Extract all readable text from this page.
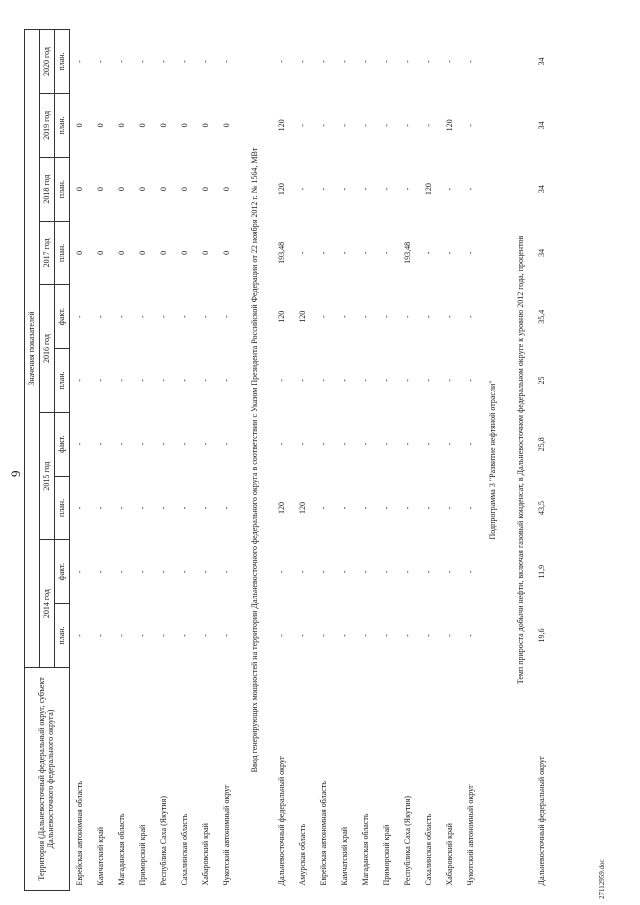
9
Территория (Дальневосточный федеральный округ, субъект Дальневосточного федерального округа)	Значения показателей									
	2014 год		2015 год		2016 год		2017 год	2018 год	2019 год	2020 год
	план.	факт.	план.	факт.	план.	факт.	план.	план.	план.	план.
Еврейская автономная область	-	-	-	-	-	-	0	0	0	-
Камчатский край	-	-	-	-	-	-	0	0	0	-
Магаданская область	-	-	-	-	-	-	0	0	0	-
Приморский край	-	-	-	-	-	-	0	0	0	-
Республика Саха (Якутия)	-	-	-	-	-	-	0	0	0	-
Сахалинская область	-	-	-	-	-	-	0	0	0	-
Хабаровский край	-	-	-	-	-	-	0	0	0	-
Чукотский автономный округ	-	-	-	-	-	-	0	0	0	-
Ввод генерирующих мощностей на территории Дальневосточного федерального округа в соответствии с Указом Президента Российской Федерации от 22 ноября 2012 г. № 1564, МВт										
Дальневосточный федеральный округ	-	-	120	-	-	120	193,48	120	120	-
Амурская область	-	-	120	-	-	120	-	-	-	-
Еврейская автономная область	-	-	-	-	-	-	-	-	-	-
Камчатский край	-	-	-	-	-	-	-	-	-	-
Магаданская область	-	-	-	-	-	-	-	-	-	-
Приморский край	-	-	-	-	-	-	-	-	-	-
Республика Саха (Якутия)	-	-	-	-	-	-	193,48	-	-	-
Сахалинская область	-	-	-	-	-	-	-	120	-	-
Хабаровский край	-	-	-	-	-	-	-	-	120	-
Чукотский автономный округ	-	-	-	-	-	-	-	-	-	-
Подпрограмма 3 "Развитие нефтяной отрасли"										
Темп прироста добычи нефти, включая газовый конденсат, в Дальневосточном федеральном округе к уровню 2012 года, процентов										
Дальневосточный федеральный округ	19,6	11,9	43,5	25,8	25	35,4	34	34	34	34
27112959.doc
